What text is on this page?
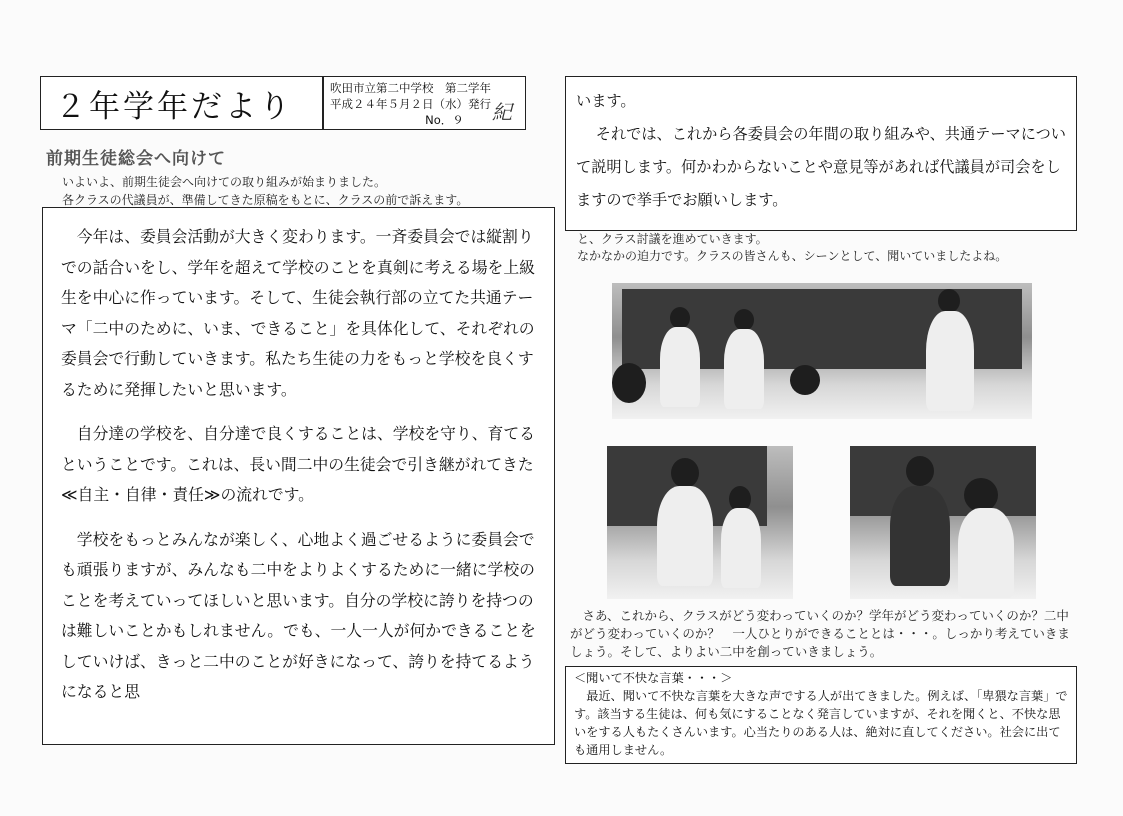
２年学年だより
吹田市立第二中学校　第二学年
平成２４年５月２日（水）発行
No．９	紀
前期生徒総会へ向けて
いよいよ、前期生徒会へ向けての取り組みが始まりました。
各クラスの代議員が、準備してきた原稿をもとに、クラスの前で訴えます。

今年は、委員会活動が大きく変わります。一斉委員会では縦割りでの話合いをし、学年を超えて学校のことを真剣に考える場を上級生を中心に作っています。そして、生徒会執行部の立てた共通テーマ「二中のために、いま、できること」を具体化して、それぞれの委員会で行動していきます。私たち生徒の力をもっと学校を良くするために発揮したいと思います。

自分達の学校を、自分達で良くすることは、学校を守り、育てるということです。これは、長い間二中の生徒会で引き継がれてきた≪自主・自律・責任≫の流れです。

学校をもっとみんなが楽しく、心地よく過ごせるように委員会でも頑張りますが、みんなも二中をよりよくするために一緒に学校のことを考えていってほしいと思います。自分の学校に誇りを持つのは難しいことかもしれません。でも、一人一人が何かできることをしていけば、きっと二中のことが好きになって、誇りを持てるようになると思

います。

それでは、これから各委員会の年間の取り組みや、共通テーマについて説明します。何かわからないことや意見等があれば代議員が司会をしますので挙手でお願いします。

と、クラス討議を進めていきます。
なかなかの迫力です。クラスの皆さんも、シーンとして、聞いていましたよね。
さあ、これから、クラスがどう変わっていくのか？学年がどう変わっていくのか？二中がどう変わっていくのか？　一人ひとりができることとは・・・。しっかり考えていきましょう。そして、よりよい二中を創っていきましょう。
＜聞いて不快な言葉・・・＞
最近、聞いて不快な言葉を大きな声でする人が出てきました。例えば、「卑猥な言葉」です。該当する生徒は、何も気にすることなく発言していますが、それを聞くと、不快な思いをする人もたくさんいます。心当たりのある人は、絶対に直してください。社会に出ても通用しません。
